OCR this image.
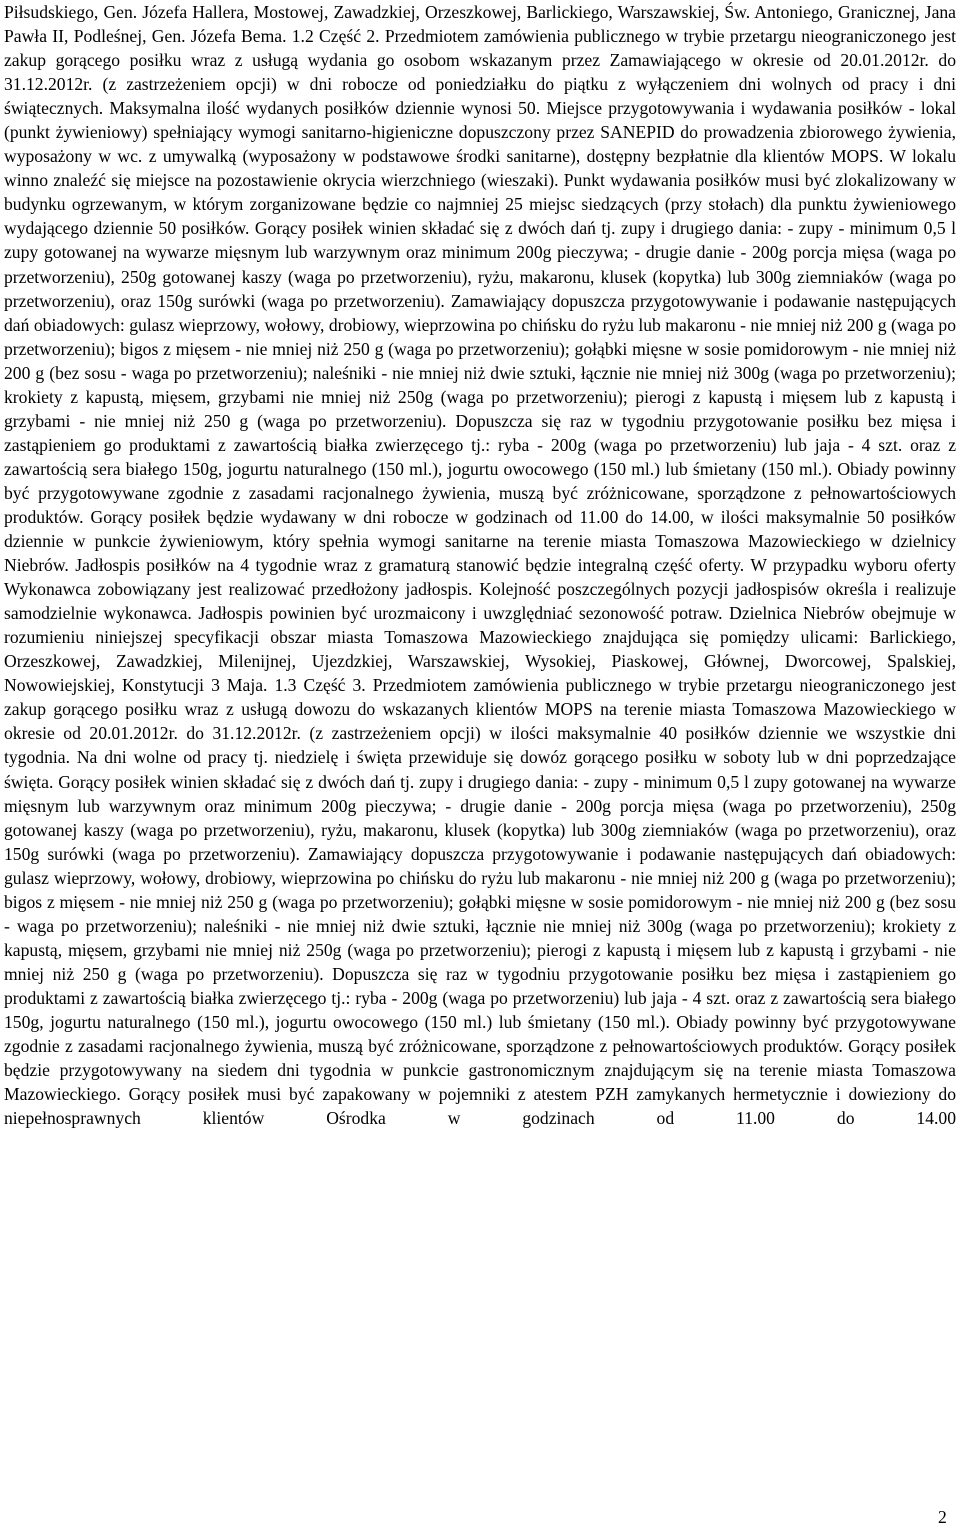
Piłsudskiego, Gen. Józefa Hallera, Mostowej, Zawadzkiej, Orzeszkowej, Barlickiego, Warszawskiej, Św. Antoniego, Granicznej, Jana Pawła II, Podleśnej, Gen. Józefa Bema. 1.2 Część 2. Przedmiotem zamówienia publicznego w trybie przetargu nieograniczonego jest zakup gorącego posiłku wraz z usługą wydania go osobom wskazanym przez Zamawiającego w okresie od 20.01.2012r. do 31.12.2012r. (z zastrzeżeniem opcji) w dni robocze od poniedziałku do piątku z wyłączeniem dni wolnych od pracy i dni świątecznych. Maksymalna ilość wydanych posiłków dziennie wynosi 50. Miejsce przygotowywania i wydawania posiłków - lokal (punkt żywieniowy) spełniający wymogi sanitarno-higieniczne dopuszczony przez SANEPID do prowadzenia zbiorowego żywienia, wyposażony w wc. z umywalką (wyposażony w podstawowe środki sanitarne), dostępny bezpłatnie dla klientów MOPS. W lokalu winno znaleźć się miejsce na pozostawienie okrycia wierzchniego (wieszaki). Punkt wydawania posiłków musi być zlokalizowany w budynku ogrzewanym, w którym zorganizowane będzie co najmniej 25 miejsc siedzących (przy stołach) dla punktu żywieniowego wydającego dziennie 50 posiłków. Gorący posiłek winien składać się z dwóch dań tj. zupy i drugiego dania: - zupy - minimum 0,5 l zupy gotowanej na wywarze mięsnym lub warzywnym oraz minimum 200g pieczywa; - drugie danie - 200g porcja mięsa (waga po przetworzeniu), 250g gotowanej kaszy (waga po przetworzeniu), ryżu, makaronu, klusek (kopytka) lub 300g ziemniaków (waga po przetworzeniu), oraz 150g surówki (waga po przetworzeniu). Zamawiający dopuszcza przygotowywanie i podawanie następujących dań obiadowych: gulasz wieprzowy, wołowy, drobiowy, wieprzowina po chińsku do ryżu lub makaronu - nie mniej niż 200 g (waga po przetworzeniu); bigos z mięsem - nie mniej niż 250 g (waga po przetworzeniu); gołąbki mięsne w sosie pomidorowym - nie mniej niż 200 g (bez sosu - waga po przetworzeniu); naleśniki - nie mniej niż dwie sztuki, łącznie nie mniej niż 300g (waga po przetworzeniu); krokiety z kapustą, mięsem, grzybami nie mniej niż 250g (waga po przetworzeniu); pierogi z kapustą i mięsem lub z kapustą i grzybami - nie mniej niż 250 g (waga po przetworzeniu). Dopuszcza się raz w tygodniu przygotowanie posiłku bez mięsa i zastąpieniem go produktami z zawartością białka zwierzęcego tj.: ryba - 200g (waga po przetworzeniu) lub jaja - 4 szt. oraz z zawartością sera białego 150g, jogurtu naturalnego (150 ml.), jogurtu owocowego (150 ml.) lub śmietany (150 ml.). Obiady powinny być przygotowywane zgodnie z zasadami racjonalnego żywienia, muszą być zróżnicowane, sporządzone z pełnowartościowych produktów. Gorący posiłek będzie wydawany w dni robocze w godzinach od 11.00 do 14.00, w ilości maksymalnie 50 posiłków dziennie w punkcie żywieniowym, który spełnia wymogi sanitarne na terenie miasta Tomaszowa Mazowieckiego w dzielnicy Niebrów. Jadłospis posiłków na 4 tygodnie wraz z gramaturą stanowić będzie integralną część oferty. W przypadku wyboru oferty Wykonawca zobowiązany jest realizować przedłożony jadłospis. Kolejność poszczególnych pozycji jadłospisów określa i realizuje samodzielnie wykonawca. Jadłospis powinien być urozmaicony i uwzględniać sezonowość potraw. Dzielnica Niebrów obejmuje w rozumieniu niniejszej specyfikacji obszar miasta Tomaszowa Mazowieckiego znajdująca się pomiędzy ulicami: Barlickiego, Orzeszkowej, Zawadzkiej, Milenijnej, Ujezdzkiej, Warszawskiej, Wysokiej, Piaskowej, Głównej, Dworcowej, Spalskiej, Nowowiejskiej, Konstytucji 3 Maja. 1.3 Część 3. Przedmiotem zamówienia publicznego w trybie przetargu nieograniczonego jest zakup gorącego posiłku wraz z usługą dowozu do wskazanych klientów MOPS na terenie miasta Tomaszowa Mazowieckiego w okresie od 20.01.2012r. do 31.12.2012r. (z zastrzeżeniem opcji) w ilości maksymalnie 40 posiłków dziennie we wszystkie dni tygodnia. Na dni wolne od pracy tj. niedzielę i święta przewiduje się dowóz gorącego posiłku w soboty lub w dni poprzedzające święta. Gorący posiłek winien składać się z dwóch dań tj. zupy i drugiego dania: - zupy - minimum 0,5 l zupy gotowanej na wywarze mięsnym lub warzywnym oraz minimum 200g pieczywa; - drugie danie - 200g porcja mięsa (waga po przetworzeniu), 250g gotowanej kaszy (waga po przetworzeniu), ryżu, makaronu, klusek (kopytka) lub 300g ziemniaków (waga po przetworzeniu), oraz 150g surówki (waga po przetworzeniu). Zamawiający dopuszcza przygotowywanie i podawanie następujących dań obiadowych: gulasz wieprzowy, wołowy, drobiowy, wieprzowina po chińsku do ryżu lub makaronu - nie mniej niż 200 g (waga po przetworzeniu); bigos z mięsem - nie mniej niż 250 g (waga po przetworzeniu); gołąbki mięsne w sosie pomidorowym - nie mniej niż 200 g (bez sosu - waga po przetworzeniu); naleśniki - nie mniej niż dwie sztuki, łącznie nie mniej niż 300g (waga po przetworzeniu); krokiety z kapustą, mięsem, grzybami nie mniej niż 250g (waga po przetworzeniu); pierogi z kapustą i mięsem lub z kapustą i grzybami - nie mniej niż 250 g (waga po przetworzeniu). Dopuszcza się raz w tygodniu przygotowanie posiłku bez mięsa i zastąpieniem go produktami z zawartością białka zwierzęcego tj.: ryba - 200g (waga po przetworzeniu) lub jaja - 4 szt. oraz z zawartością sera białego 150g, jogurtu naturalnego (150 ml.), jogurtu owocowego (150 ml.) lub śmietany (150 ml.). Obiady powinny być przygotowywane zgodnie z zasadami racjonalnego żywienia, muszą być zróżnicowane, sporządzone z pełnowartościowych produktów. Gorący posiłek będzie przygotowywany na siedem dni tygodnia w punkcie gastronomicznym znajdującym się na terenie miasta Tomaszowa Mazowieckiego. Gorący posiłek musi być zapakowany w pojemniki z atestem PZH zamykanych hermetycznie i dowieziony do niepełnosprawnych klientów Ośrodka w godzinach od 11.00 do 14.00

2
